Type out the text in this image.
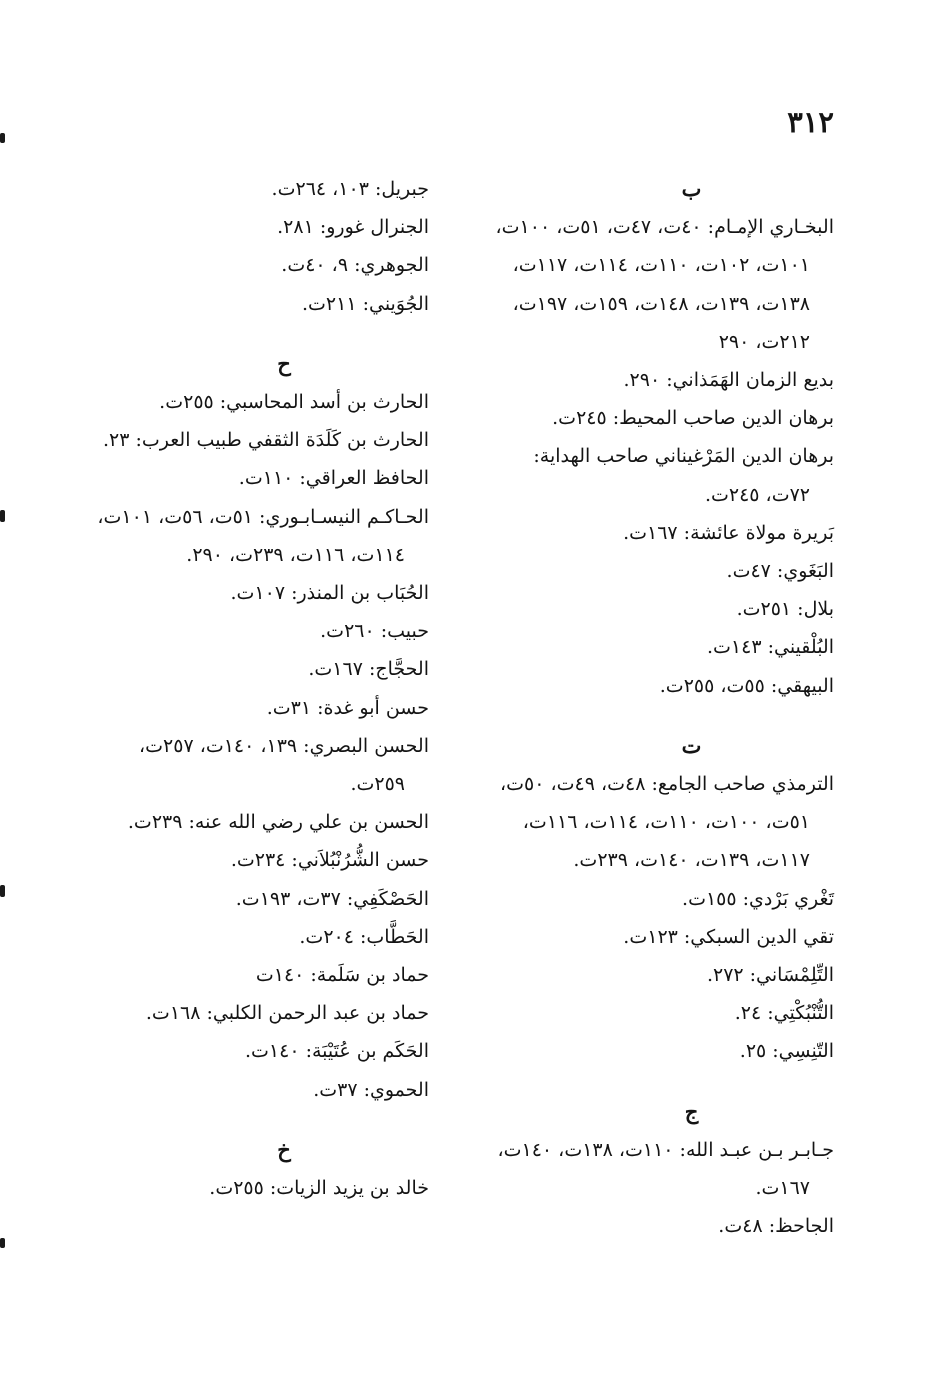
٣١٢
ب
البخـاري الإمـام: ٤٠ت، ٤٧ت، ٥١ت، ١٠٠ت، ١٠١ت، ١٠٢ت، ١١٠ت، ١١٤ت، ١١٧ت، ١٣٨ت، ١٣٩ت، ١٤٨ت، ١٥٩ت، ١٩٧ت، ٢١٢ت، ٢٩٠
بديع الزمان الهَمَذاني: ٢٩٠.
برهان الدين صاحب المحيط: ٢٤٥ت.
برهان الدين المَرْغيناني صاحب الهداية: ٧٢ت، ٢٤٥ت.
بَريرة مولاة عائشة: ١٦٧ت.
البَغَوي: ٤٧ت.
بلال: ٢٥١ت.
البُلْقيني: ١٤٣ت.
البيهقي: ٥٥ت، ٢٥٥ت.
ت
الترمذي صاحب الجامع: ٤٨ت، ٤٩ت، ٥٠ت، ٥١ت، ١٠٠ت، ١١٠ت، ١١٤ت، ١١٦ت، ١١٧ت، ١٣٩ت، ١٤٠ت، ٢٣٩ت.
تَغْري بَرْدي: ١٥٥ت.
تقي الدين السبكي: ١٢٣ت.
التِّلِمْسَاني: ٢٧٢.
التُّنْبُكْتِي: ٢٤.
التّنِسِي: ٢٥.
ج
جـابـر بـن عبـد الله: ١١٠ت، ١٣٨ت، ١٤٠ت، ١٦٧ت.
الجاحظ: ٤٨ت.
جبريل: ١٠٣، ٢٦٤ت.
الجنرال غورو: ٢٨١.
الجوهري: ٩، ٤٠ت.
الجُوَيني: ٢١١ت.
ح
الحارث بن أسد المحاسبي: ٢٥٥ت.
الحارث بن كَلَدَة الثقفي طبيب العرب: ٢٣.
الحافظ العراقي: ١١٠ت.
الحـاكـم النيسـابـوري: ٥١ت، ٥٦ت، ١٠١ت، ١١٤ت، ١١٦ت، ٢٣٩ت، ٢٩٠.
الحُبَاب بن المنذر: ١٠٧ت.
حبيب: ٢٦٠ت.
الحجَّاج: ١٦٧ت.
حسن أبو غدة: ٣١ت.
الحسن البصري: ١٣٩، ١٤٠ت، ٢٥٧ت، ٢٥٩ت.
الحسن بن علي رضي الله عنه: ٢٣٩ت.
حسن الشُّرُنْبُلاَني: ٢٣٤ت.
الحَصْكَفِي: ٣٧ت، ١٩٣ت.
الحَطَّاب: ٢٠٤ت.
حماد بن سَلَمة: ١٤٠ت
حماد بن عبد الرحمن الكلبي: ١٦٨ت.
الحَكَم بن عُتَيْبَة: ١٤٠ت.
الحموي: ٣٧ت.
خ
خالد بن يزيد الزيات: ٢٥٥ت.
